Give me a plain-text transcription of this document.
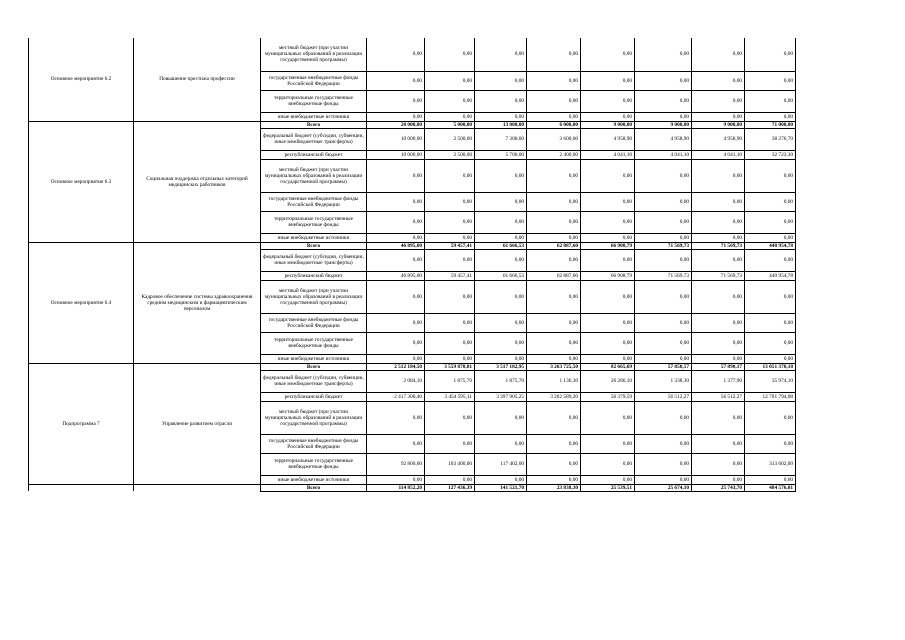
Основное мероприятие 6.2	Повышение престижа профессии	местный бюджет (при участии муниципальных образований в реализации государственной программы)	0,00	0,00	0,00	0,00	0,00	0,00	0,00	0,00
		государственные внебюджетные фонды Российской Федерации	0,00	0,00	0,00	0,00	0,00	0,00	0,00	0,00
		территориальные государственные внебюджетные фонды	0,00	0,00	0,00	0,00	0,00	0,00	0,00	0,00
		иные внебюджетные источники	0,00	0,00	0,00	0,00	0,00	0,00	0,00	0,00
Основное мероприятие 6.3	Социальная поддержка отдельных категорий медицинских работников	Всего	20 000,00	5 000,00	13 000,00	6 000,00	9 000,00	9 000,00	9 000,00	71 000,00
		федеральный бюджет (субсидии, субвенции, иные межбюджетные трансферты)	10 000,00	2 500,00	7 300,00	3 600,00	4 958,90	4 958,90	4 958,90	38 276,70
		республиканский бюджет	10 000,00	2 500,00	5 700,00	2 400,00	4 041,10	4 041,10	4 041,10	32 723,30
		местный бюджет (при участии муниципальных образований в реализации государственной программы)	0,00	0,00	0,00	0,00	0,00	0,00	0,00	0,00
		государственные внебюджетные фонды Российской Федерации	0,00	0,00	0,00	0,00	0,00	0,00	0,00	0,00
		территориальные государственные внебюджетные фонды	0,00	0,00	0,00	0,00	0,00	0,00	0,00	0,00
		иные внебюджетные источники	0,00	0,00	0,00	0,00	0,00	0,00	0,00	0,00
Основное мероприятие 6.4	Кадровое обеспечение системы здравоохранения средним медицинским и фармацевтическим персоналом	Всего	46 895,00	59 457,41	61 666,53	62 887,60	66 908,79	71 569,73	71 569,73	440 954,78
		федеральный бюджет (субсидии, субвенции, иные межбюджетные трансферты)	0,00	0,00	0,00	0,00	0,00	0,00	0,00	0,00
		республиканский бюджет	46 895,00	59 457,41	61 666,53	62 887,60	66 908,79	71 569,73	71 569,73	440 954,78
		местный бюджет (при участии муниципальных образований в реализации государственной программы)	0,00	0,00	0,00	0,00	0,00	0,00	0,00	0,00
		государственные внебюджетные фонды Российской Федерации	0,00	0,00	0,00	0,00	0,00	0,00	0,00	0,00
		территориальные государственные внебюджетные фонды	0,00	0,00	0,00	0,00	0,00	0,00	0,00	0,00
		иные внебюджетные источники	0,00	0,00	0,00	0,00	0,00	0,00	0,00	0,00
Подпрограмма 7	Управление развитием отрасли	Всего	2 512 184,50	3 559 870,81	3 517 182,95	3 263 725,50	82 665,69	57 850,57	57 890,17	13 051 370,18
		федеральный бюджет (субсидии, субвенции, иные межбюджетные трансферты)	2 084,10	1 875,70	1 875,70	1 136,30	26 286,10	1 338,30	1 377,90	35 974,10
		республиканский бюджет	2 417 300,40	3 454 595,11	3 397 905,25	3 262 589,20	56 379,59	56 512,27	56 512,27	12 701 794,08
		местный бюджет (при участии муниципальных образований в реализации государственной программы)	0,00	0,00	0,00	0,00	0,00	0,00	0,00	0,00
		государственные внебюджетные фонды Российской Федерации	0,00	0,00	0,00	0,00	0,00	0,00	0,00	0,00
		территориальные государственные внебюджетные фонды	92 800,00	103 400,00	117 402,00	0,00	0,00	0,00	0,00	313 602,00
		иные внебюджетные источники	0,00	0,00	0,00	0,00	0,00	0,00	0,00	0,00
		Всего	114 852,20	127 436,39	141 521,70	23 838,30	25 539,51	25 674,10	25 743,70	484 576,01
